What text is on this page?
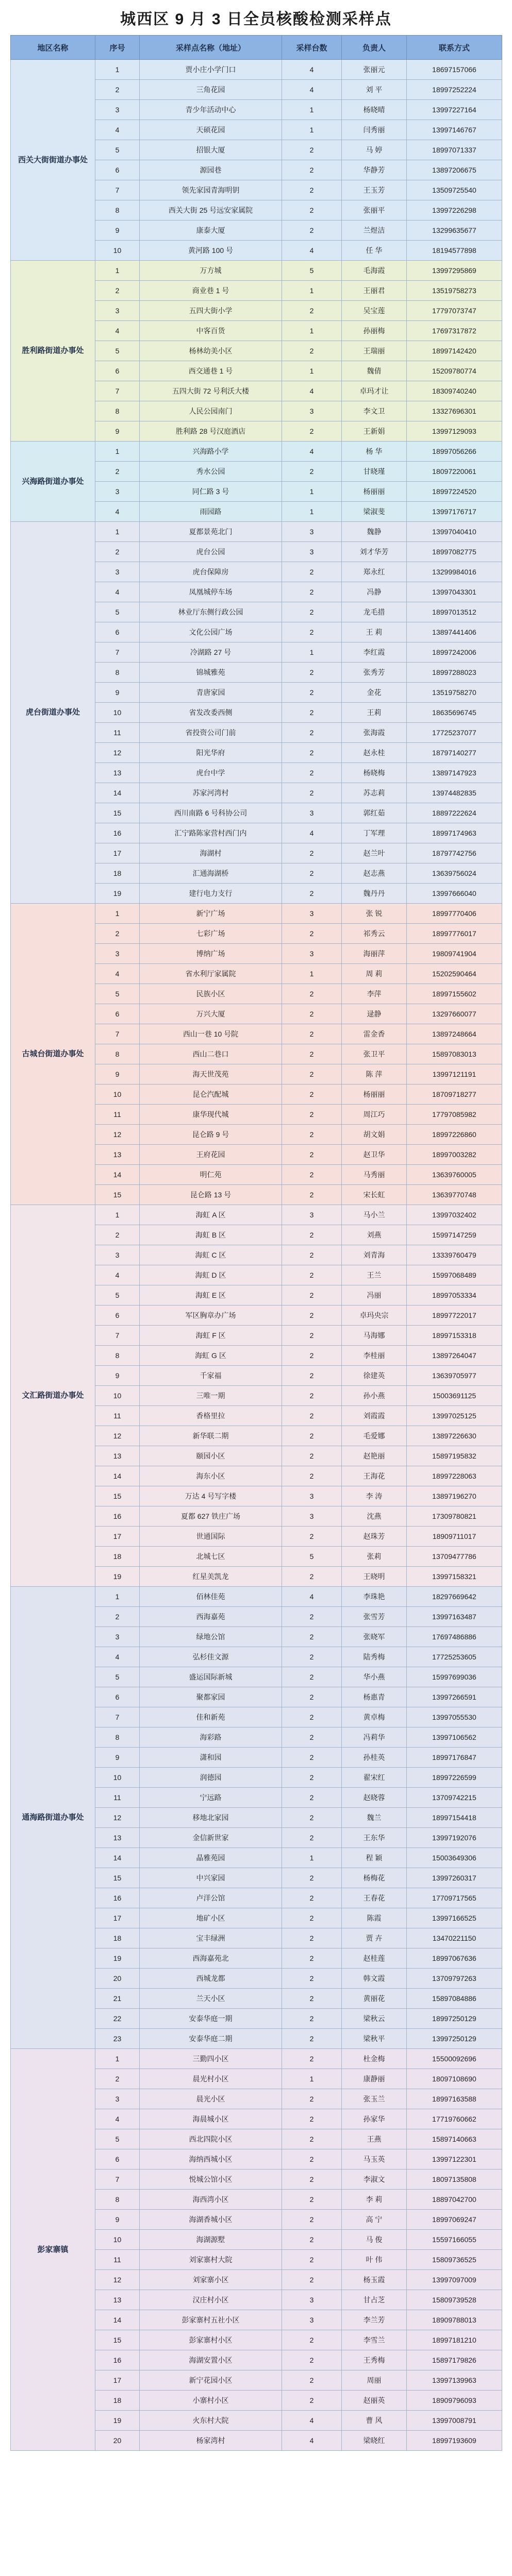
城西区 9 月 3 日全员核酸检测采样点
地区名称	序号	采样点名称（地址）	采样台数	负责人	联系方式
西关大街街道办事处	1	贾小庄小学门口	4	张丽元	18697157066
	2	三角花园	4	刘 平	18997252224
	3	青少年活动中心	1	杨晓晴	13997227164
	4	天硕花园	1	闫秀丽	13997146767
	5	招银大厦	2	马 婷	18997071337
	6	源园巷	2	华静芳	13897206675
	7	领先家园青海明钥	2	王玉芳	13509725540
	8	西关大街 25 号远安家属院	2	张丽平	13997226298
	9	康泰大厦	2	兰煜洁	13299635677
	10	黄河路 100 号	4	任 华	18194577898
胜利路街道办事处	1	万方城	5	毛海霞	13997295869
	2	商业巷 1 号	1	王丽君	13519758273
	3	五四大街小学	2	吴宝莲	17797073747
	4	中客百货	1	孙丽梅	17697317872
	5	杨林幼美小区	2	王瑞丽	18997142420
	6	西交通巷 1 号	1	魏倩	15209780774
	7	五四大街 72 号利沃大楼	4	卓玛才让	18309740240
	8	人民公园南门	3	李文卫	13327696301
	9	胜利路 28 号汉庭酒店	2	王新娟	13997129093
兴海路街道办事处	1	兴海路小学	4	杨 华	18997056266
	2	秀水公园	2	甘晓瑾	18097220061
	3	同仁路 3 号	1	杨丽丽	18997224520
	4	雨园路	1	梁淑斐	13997176717
虎台街道办事处	1	夏都景苑北门	3	魏静	13997040410
	2	虎台公园	3	刘才华芳	18997082775
	3	虎台保障房	2	郑永红	13299984016
	4	凤凰城停车场	2	冯静	13997043301
	5	林业厅东侧行政公园	2	龙毛措	18997013512
	6	文化公园广场	2	王 莉	13897441406
	7	冷湖路 27 号	1	李红霞	18997242006
	8	锦城雅苑	2	张秀芳	18997288023
	9	青唐家园	2	金花	13519758270
	10	省发改委西侧	2	王莉	18635696745
	11	省投资公司门前	2	张海霞	17725237077
	12	阳光华府	2	赵永桂	18797140277
	13	虎台中学	2	杨晓梅	13897147923
	14	苏家河湾村	2	苏志莉	13974482835
	15	西川南路 6 号科协公司	3	郭红茹	18897222624
	16	汇宁路陈家营村西门内	4	丁军理	18997174963
	17	海湖村	2	赵兰叶	18797742756
	18	汇通海湖桥	2	赵志燕	13639756024
	19	建行电力支行	2	魏丹丹	13997666040
古城台街道办事处	1	新宁广场	3	张 锐	18997770406
	2	七彩广场	2	祁秀云	18997776017
	3	博纳广场	3	海丽萍	19809741904
	4	省水利厅家属院	1	周 莉	15202590464
	5	民族小区	2	李萍	18997155602
	6	万兴大厦	2	逯静	13297660077
	7	西山一巷 10 号院	2	雷金香	13897248664
	8	西山二巷口	2	张卫平	15897083013
	9	海天世茂苑	2	陈 萍	13997121191
	10	昆仑汽配城	2	杨丽丽	18709718277
	11	康华现代城	2	周江巧	17797085982
	12	昆仑路 9 号	2	胡文娟	18997226860
	13	王府花园	2	赵卫华	18997003282
	14	明仁苑	2	马秀丽	13639760005
	15	昆仑路 13 号	2	宋长虹	13639770748
文汇路街道办事处	1	海虹 A 区	3	马小兰	13997032402
	2	海虹 B 区	2	刘燕	15997147259
	3	海虹 C 区	2	刘青海	13339760479
	4	海虹 D 区	2	王兰	15997068489
	5	海虹 E 区	2	冯丽	18997053334
	6	军区胸章办广场	2	卓玛央宗	18997722017
	7	海虹 F 区	2	马海娜	18997153318
	8	海虹 G 区	2	李桂丽	13897264047
	9	千家福	2	徐建英	13639705977
	10	三唯一期	2	孙小燕	15003691125
	11	香格里拉	2	刘霞霞	13997025125
	12	新华联二期	2	毛爱娜	13897226630
	13	颐园小区	2	赵艳丽	15897195832
	14	海东小区	2	王海花	18997228063
	15	万达 4 号写字楼	3	李 涛	13897196270
	16	夏都 627 铁庄广场	3	沈燕	17309780821
	17	世通国际	2	赵珠芳	18909711017
	18	北城七区	5	张莉	13709477786
	19	红星美凯龙	2	王晓明	13997158321
通海路街道办事处	1	佰林佳苑	4	李珠艳	18297669642
	2	西海嘉苑	2	张雪芳	13997163487
	3	绿地公馆	2	张晓军	17697486886
	4	弘杉佳文源	2	陆秀梅	17725253605
	5	盛运国际新城	2	华小燕	15997699036
	6	聚都家园	2	杨惠青	13997266591
	7	佳和新苑	2	黄卓梅	13997055530
	8	海彩路	2	冯莉华	13997106562
	9	潇和园	2	孙桂英	18997176847
	10	润德园	2	翟宋红	18997226599
	11	宁远路	2	赵晓蓉	13709742215
	12	移地北家园	2	魏兰	18997154418
	13	金信新世家	2	王东华	13997192076
	14	晶雅苑园	1	程 颖	15003649306
	15	中兴家园	2	杨梅花	13997260317
	16	卢洋公馆	2	王春花	17709717565
	17	地矿小区	2	陈霞	13997166525
	18	宝丰绿洲	2	贾 卉	13470221150
	19	西海嘉苑北	2	赵桂莲	18997067636
	20	西城龙都	2	韩文霞	13709797263
	21	兰天小区	2	黄丽花	15897084886
	22	安泰华庭一期	2	梁秋云	18997250129
	23	安泰华庭二期	2	梁秋平	13997250129
彭家寨镇	1	三勤四小区	2	杜金梅	15500092696
	2	晨光村小区	1	康静丽	18097108690
	3	晨光小区	2	张玉兰	18997163588
	4	海晨城小区	2	孙家华	17719760662
	5	西北四院小区	2	王燕	15897140663
	6	海纳西城小区	2	马玉英	13997122301
	7	悦城公馆小区	2	李淑文	18097135808
	8	海西湾小区	2	李 莉	18897042700
	9	海湖香城小区	2	高 宁	18997069247
	10	海湖源墅	2	马 俊	15597166055
	11	刘家寨村大院	2	叶 伟	15809736525
	12	刘家寨小区	2	杨玉霞	13997097009
	13	汉庄村小区	3	甘占芝	15809739528
	14	彭家寨村五社小区	3	李兰芳	18909788013
	15	彭家寨村小区	2	李雪兰	18997181210
	16	海湖安置小区	2	王秀梅	15897179826
	17	新宁花园小区	2	周丽	13997139963
	18	小寨村小区	2	赵丽英	18909796093
	19	火东村大院	4	曹 风	13997008791
	20	杨家湾村	4	梁晓红	18997193609
